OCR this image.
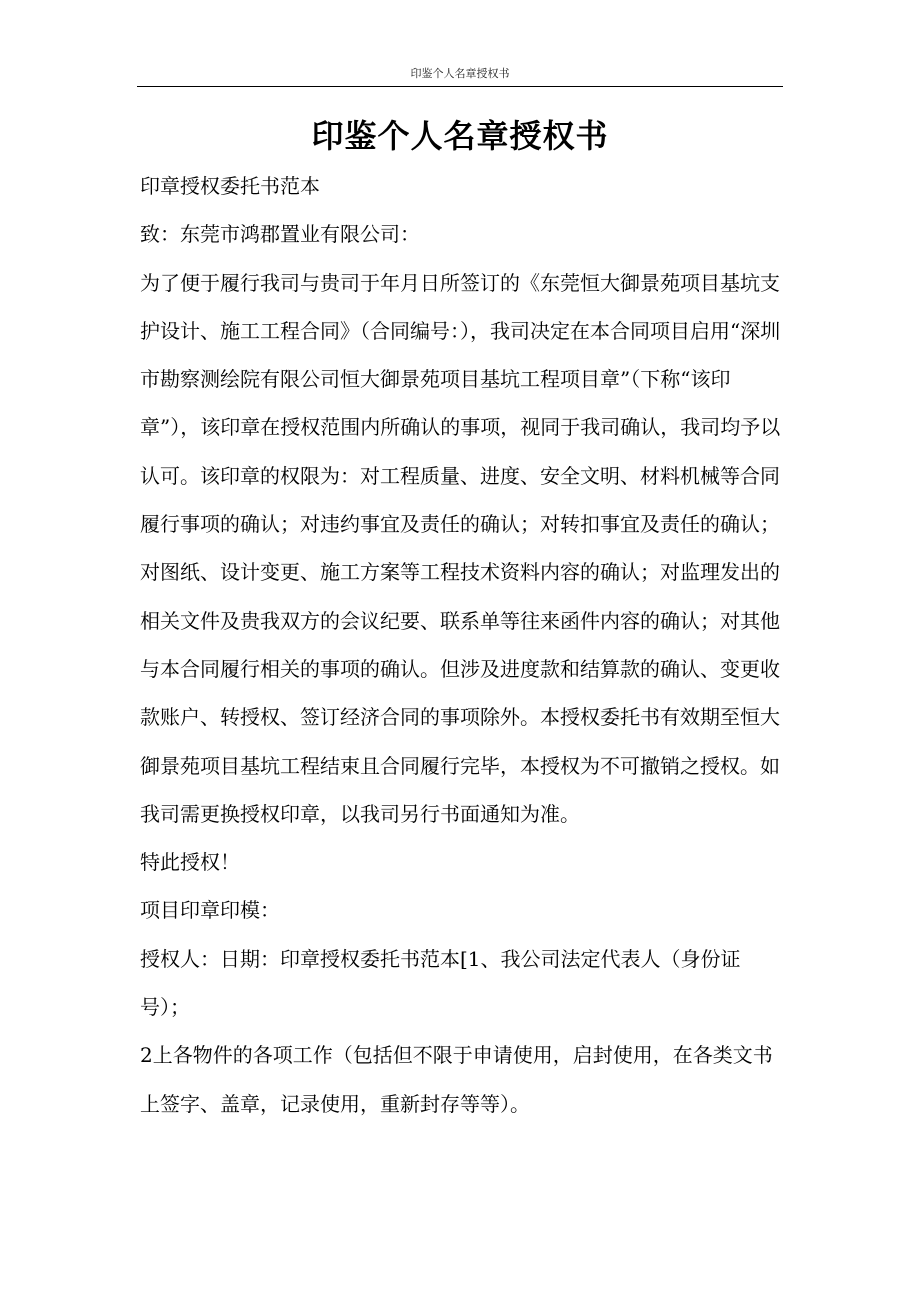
印鉴个人名章授权书
印鉴个人名章授权书

印章授权委托书范本

致：东莞市鸿郡置业有限公司：

为了便于履行我司与贵司于年月日所签订的《东莞恒大御景苑项目基坑支护设计、施工工程合同》（合同编号：），我司决定在本合同项目启用“深圳市勘察测绘院有限公司恒大御景苑项目基坑工程项目章”（下称“该印章”），该印章在授权范围内所确认的事项，视同于我司确认，我司均予以认可。该印章的权限为：对工程质量、进度、安全文明、材料机械等合同履行事项的确认；对违约事宜及责任的确认；对转扣事宜及责任的确认；对图纸、设计变更、施工方案等工程技术资料内容的确认；对监理发出的相关文件及贵我双方的会议纪要、联系单等往来函件内容的确认；对其他与本合同履行相关的事项的确认。但涉及进度款和结算款的确认、变更收款账户、转授权、签订经济合同的事项除外。本授权委托书有效期至恒大御景苑项目基坑工程结束且合同履行完毕，本授权为不可撤销之授权。如我司需更换授权印章，以我司另行书面通知为准。

特此授权！

项目印章印模：

授权人：日期：印章授权委托书范本[1、我公司法定代表人（身份证号）；

2上各物件的各项工作（包括但不限于申请使用，启封使用，在各类文书上签字、盖章，记录使用，重新封存等等）。
